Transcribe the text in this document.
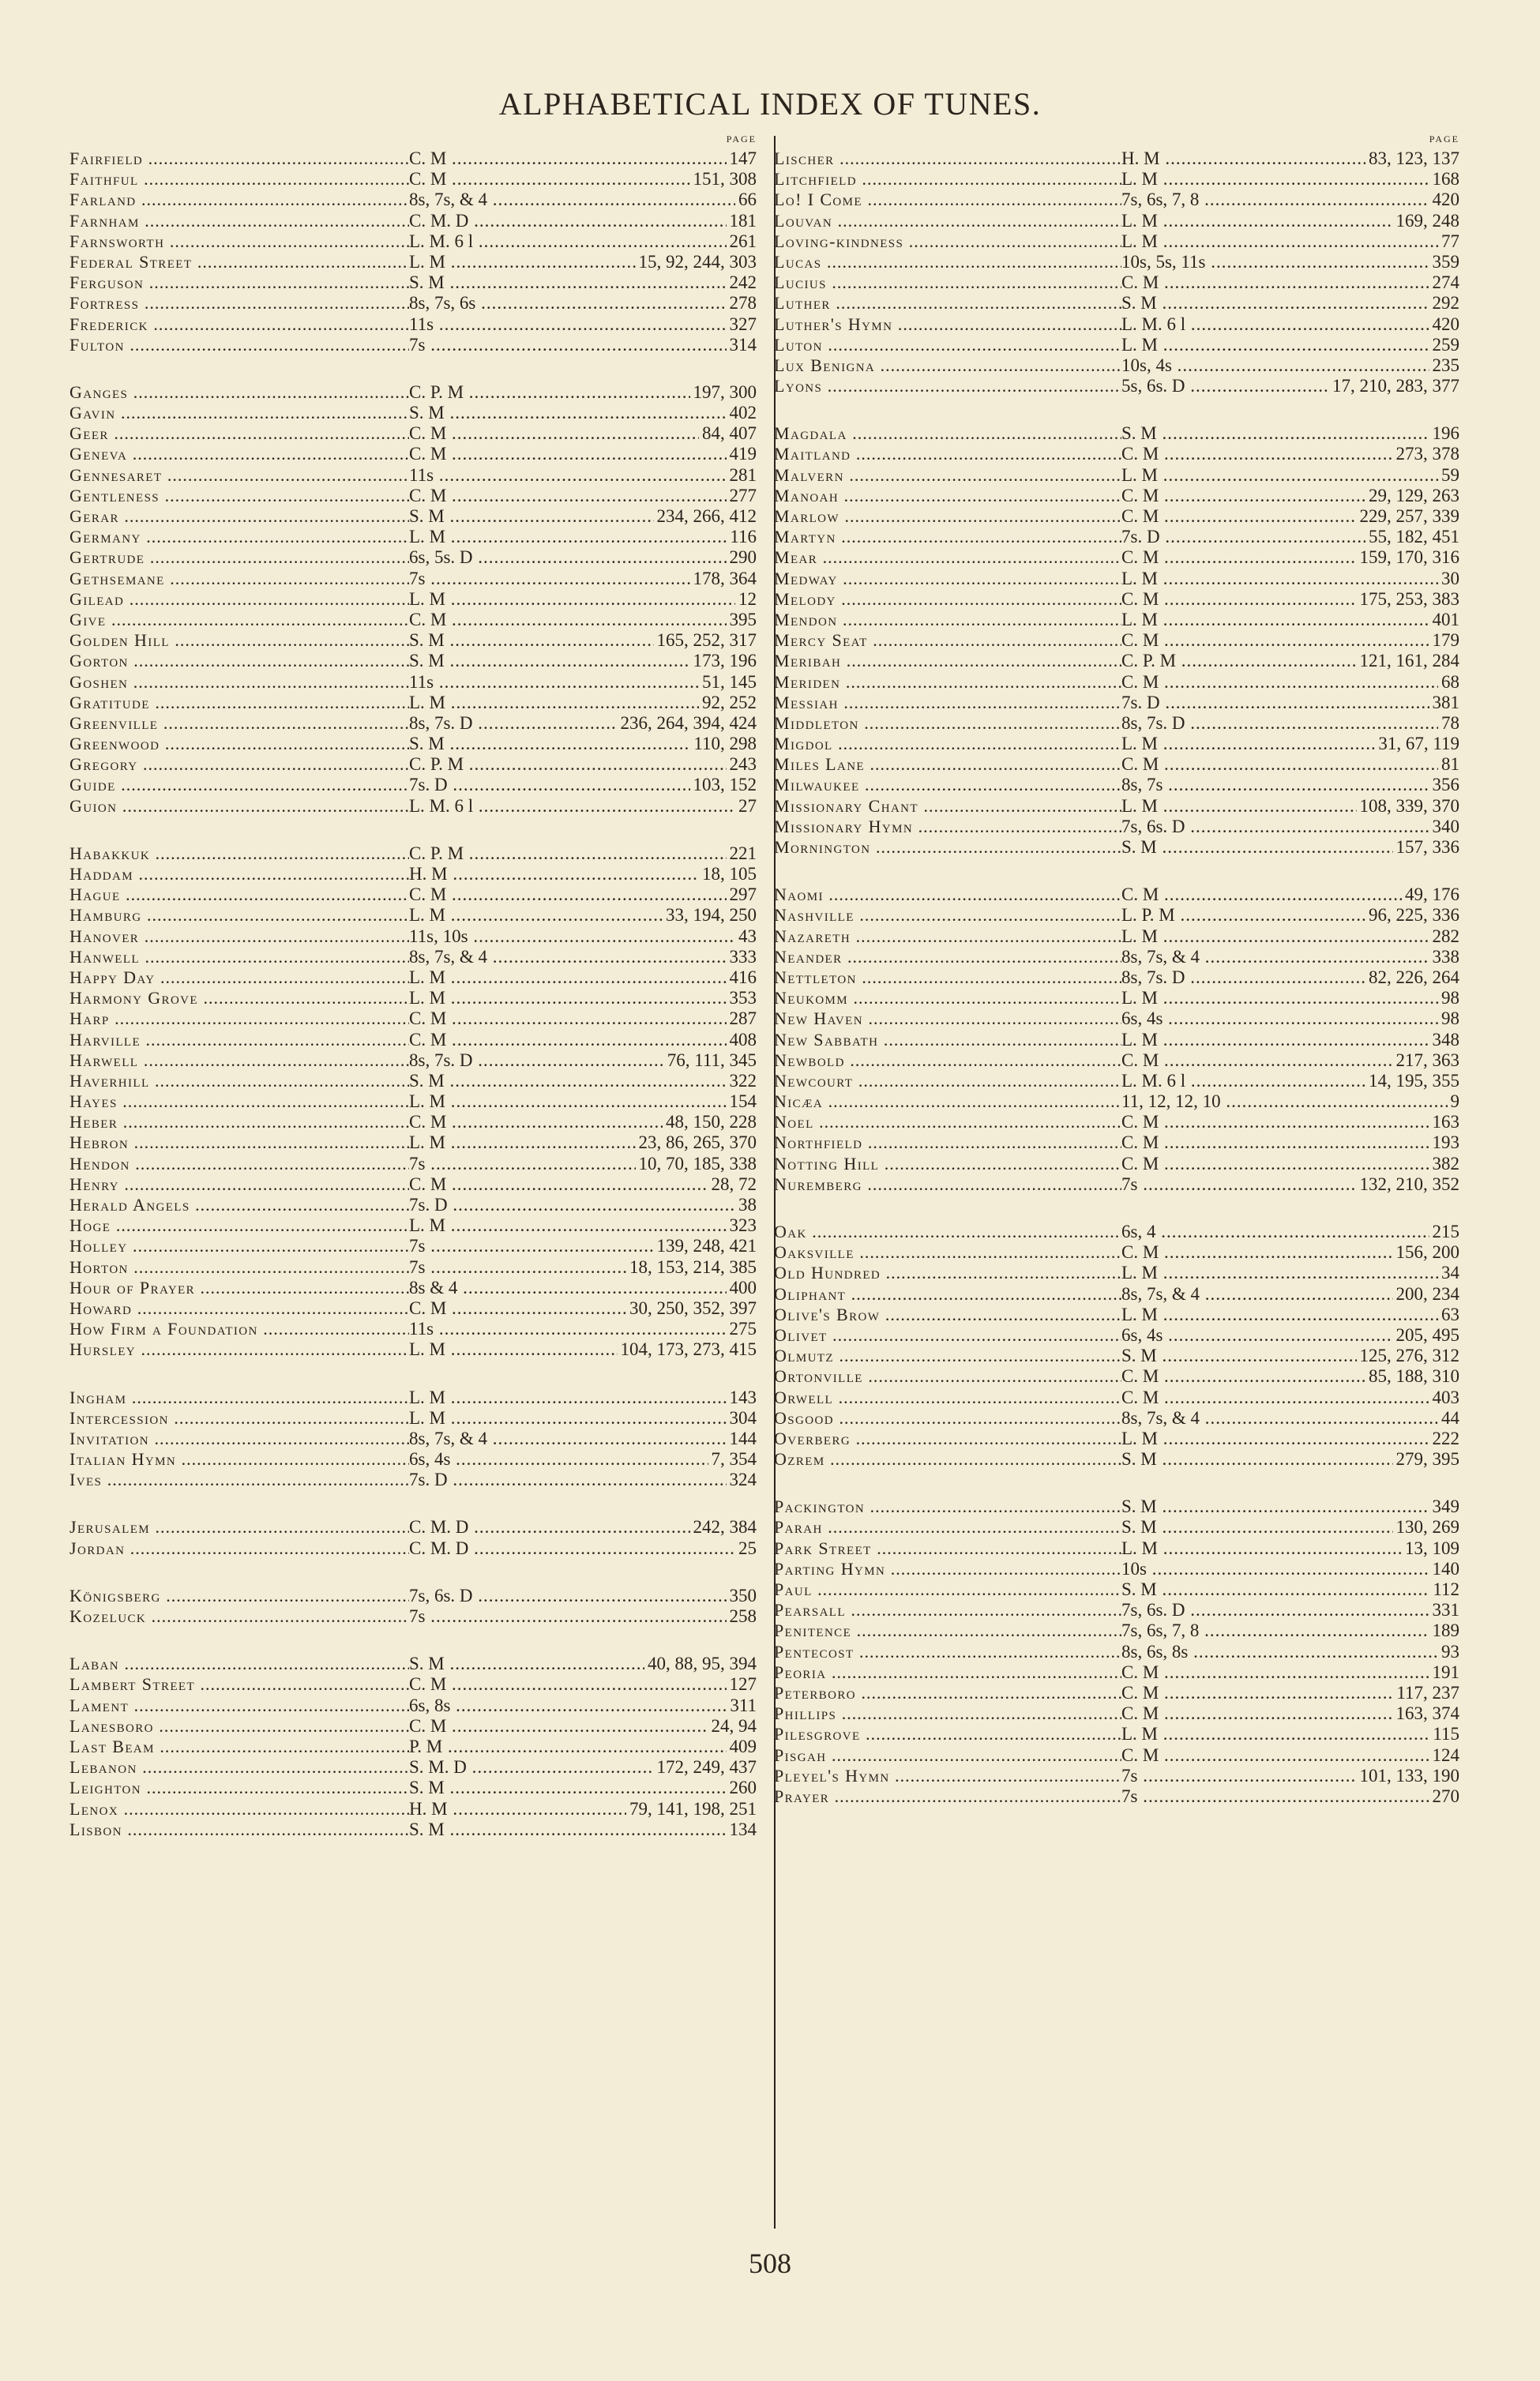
ALPHABETICAL INDEX OF TUNES.
PAGE
Fairfield .....	C. M .....	147
Faithful .....	C. M .....	151, 308
Farland .....	8s, 7s, & 4 .....	66
Farnham .....	C. M. D .....	181
Farnsworth .....	L. M. 6 l .....	261
Federal Street .....	L. M .....	15, 92, 244, 303
Ferguson .....	S. M .....	242
Fortress .....	8s, 7s, 6s .....	278
Frederick .....	11s .....	327
Fulton .....	7s .....	314
Ganges .....	C. P. M .....	197, 300
Gavin .....	S. M .....	402
Geer .....	C. M .....	84, 407
Geneva .....	C. M .....	419
Gennesaret .....	11s .....	281
Gentleness .....	C. M .....	277
Gerar .....	S. M .....	234, 266, 412
Germany .....	L. M .....	116
Gertrude .....	6s, 5s. D .....	290
Gethsemane .....	7s .....	178, 364
Gilead .....	L. M .....	12
Give .....	C. M .....	395
Golden Hill .....	S. M .....	165, 252, 317
Gorton .....	S. M .....	173, 196
Goshen .....	11s .....	51, 145
Gratitude .....	L. M .....	92, 252
Greenville .....	8s, 7s. D .....	236, 264, 394, 424
Greenwood .....	S. M .....	110, 298
Gregory .....	C. P. M .....	243
Guide .....	7s. D .....	103, 152
Guion .....	L. M. 6 l .....	27
Habakkuk .....	C. P. M .....	221
Haddam .....	H. M .....	18, 105
Hague .....	C. M .....	297
Hamburg .....	L. M .....	33, 194, 250
Hanover .....	11s, 10s .....	43
Hanwell .....	8s, 7s, & 4 .....	333
Happy Day .....	L. M .....	416
Harmony Grove .....	L. M .....	353
Harp .....	C. M .....	287
Harville .....	C. M .....	408
Harwell .....	8s, 7s. D .....	76, 111, 345
Haverhill .....	S. M .....	322
Hayes .....	L. M .....	154
Heber .....	C. M .....	48, 150, 228
Hebron .....	L. M .....	23, 86, 265, 370
Hendon .....	7s .....	10, 70, 185, 338
Henry .....	C. M .....	28, 72
Herald Angels .....	7s. D .....	38
Hoge .....	L. M .....	323
Holley .....	7s .....	139, 248, 421
Horton .....	7s .....	18, 153, 214, 385
Hour of Prayer .....	8s & 4 .....	400
Howard .....	C. M .....	30, 250, 352, 397
How Firm a Foundation .....	11s .....	275
Hursley .....	L. M .....	104, 173, 273, 415
Ingham .....	L. M .....	143
Intercession .....	L. M .....	304
Invitation .....	8s, 7s, & 4 .....	144
Italian Hymn .....	6s, 4s .....	7, 354
Ives .....	7s. D .....	324
Jerusalem .....	C. M. D .....	242, 384
Jordan .....	C. M. D .....	25
Königsberg .....	7s, 6s. D .....	350
Kozeluck .....	7s .....	258
Laban .....	S. M .....	40, 88, 95, 394
Lambert Street .....	C. M .....	127
Lament .....	6s, 8s .....	311
Lanesboro .....	C. M .....	24, 94
Last Beam .....	P. M .....	409
Lebanon .....	S. M. D .....	172, 249, 437
Leighton .....	S. M .....	260
Lenox .....	H. M .....	79, 141, 198, 251
Lisbon .....	S. M .....	134
PAGE
Lischer .....	H. M .....	83, 123, 137
Litchfield .....	L. M .....	168
Lo! I Come .....	7s, 6s, 7, 8 .....	420
Louvan .....	L. M .....	169, 248
Loving-kindness .....	L. M .....	77
Lucas .....	10s, 5s, 11s .....	359
Lucius .....	C. M .....	274
Luther .....	S. M .....	292
Luther's Hymn .....	L. M. 6 l .....	420
Luton .....	L. M .....	259
Lux Benigna .....	10s, 4s .....	235
Lyons .....	5s, 6s. D .....	17, 210, 283, 377
Magdala .....	S. M .....	196
Maitland .....	C. M .....	273, 378
Malvern .....	L. M .....	59
Manoah .....	C. M .....	29, 129, 263
Marlow .....	C. M .....	229, 257, 339
Martyn .....	7s. D .....	55, 182, 451
Mear .....	C. M .....	159, 170, 316
Medway .....	L. M .....	30
Melody .....	C. M .....	175, 253, 383
Mendon .....	L. M .....	401
Mercy Seat .....	C. M .....	179
Meribah .....	C. P. M .....	121, 161, 284
Meriden .....	C. M .....	68
Messiah .....	7s. D .....	381
Middleton .....	8s, 7s. D .....	78
Migdol .....	L. M .....	31, 67, 119
Miles Lane .....	C. M .....	81
Milwaukee .....	8s, 7s .....	356
Missionary Chant .....	L. M .....	108, 339, 370
Missionary Hymn .....	7s, 6s. D .....	340
Mornington .....	S. M .....	157, 336
Naomi .....	C. M .....	49, 176
Nashville .....	L. P. M .....	96, 225, 336
Nazareth .....	L. M .....	282
Neander .....	8s, 7s, & 4 .....	338
Nettleton .....	8s, 7s. D .....	82, 226, 264
Neukomm .....	L. M .....	98
New Haven .....	6s, 4s .....	98
New Sabbath .....	L. M .....	348
Newbold .....	C. M .....	217, 363
Newcourt .....	L. M. 6 l .....	14, 195, 355
Nicæa .....	11, 12, 12, 10 .....	9
Noel .....	C. M .....	163
Northfield .....	C. M .....	193
Notting Hill .....	C. M .....	382
Nuremberg .....	7s .....	132, 210, 352
Oak .....	6s, 4 .....	215
Oaksville .....	C. M .....	156, 200
Old Hundred .....	L. M .....	34
Oliphant .....	8s, 7s, & 4 .....	200, 234
Olive's Brow .....	L. M .....	63
Olivet .....	6s, 4s .....	205, 495
Olmutz .....	S. M .....	125, 276, 312
Ortonville .....	C. M .....	85, 188, 310
Orwell .....	C. M .....	403
Osgood .....	8s, 7s, & 4 .....	44
Overberg .....	L. M .....	222
Ozrem .....	S. M .....	279, 395
Packington .....	S. M .....	349
Parah .....	S. M .....	130, 269
Park Street .....	L. M .....	13, 109
Parting Hymn .....	10s .....	140
Paul .....	S. M .....	112
Pearsall .....	7s, 6s. D .....	331
Penitence .....	7s, 6s, 7, 8 .....	189
Pentecost .....	8s, 6s, 8s .....	93
Peoria .....	C. M .....	191
Peterboro .....	C. M .....	117, 237
Phillips .....	C. M .....	163, 374
Pilesgrove .....	L. M .....	115
Pisgah .....	C. M .....	124
Pleyel's Hymn .....	7s .....	101, 133, 190
Prayer .....	7s .....	270
508
